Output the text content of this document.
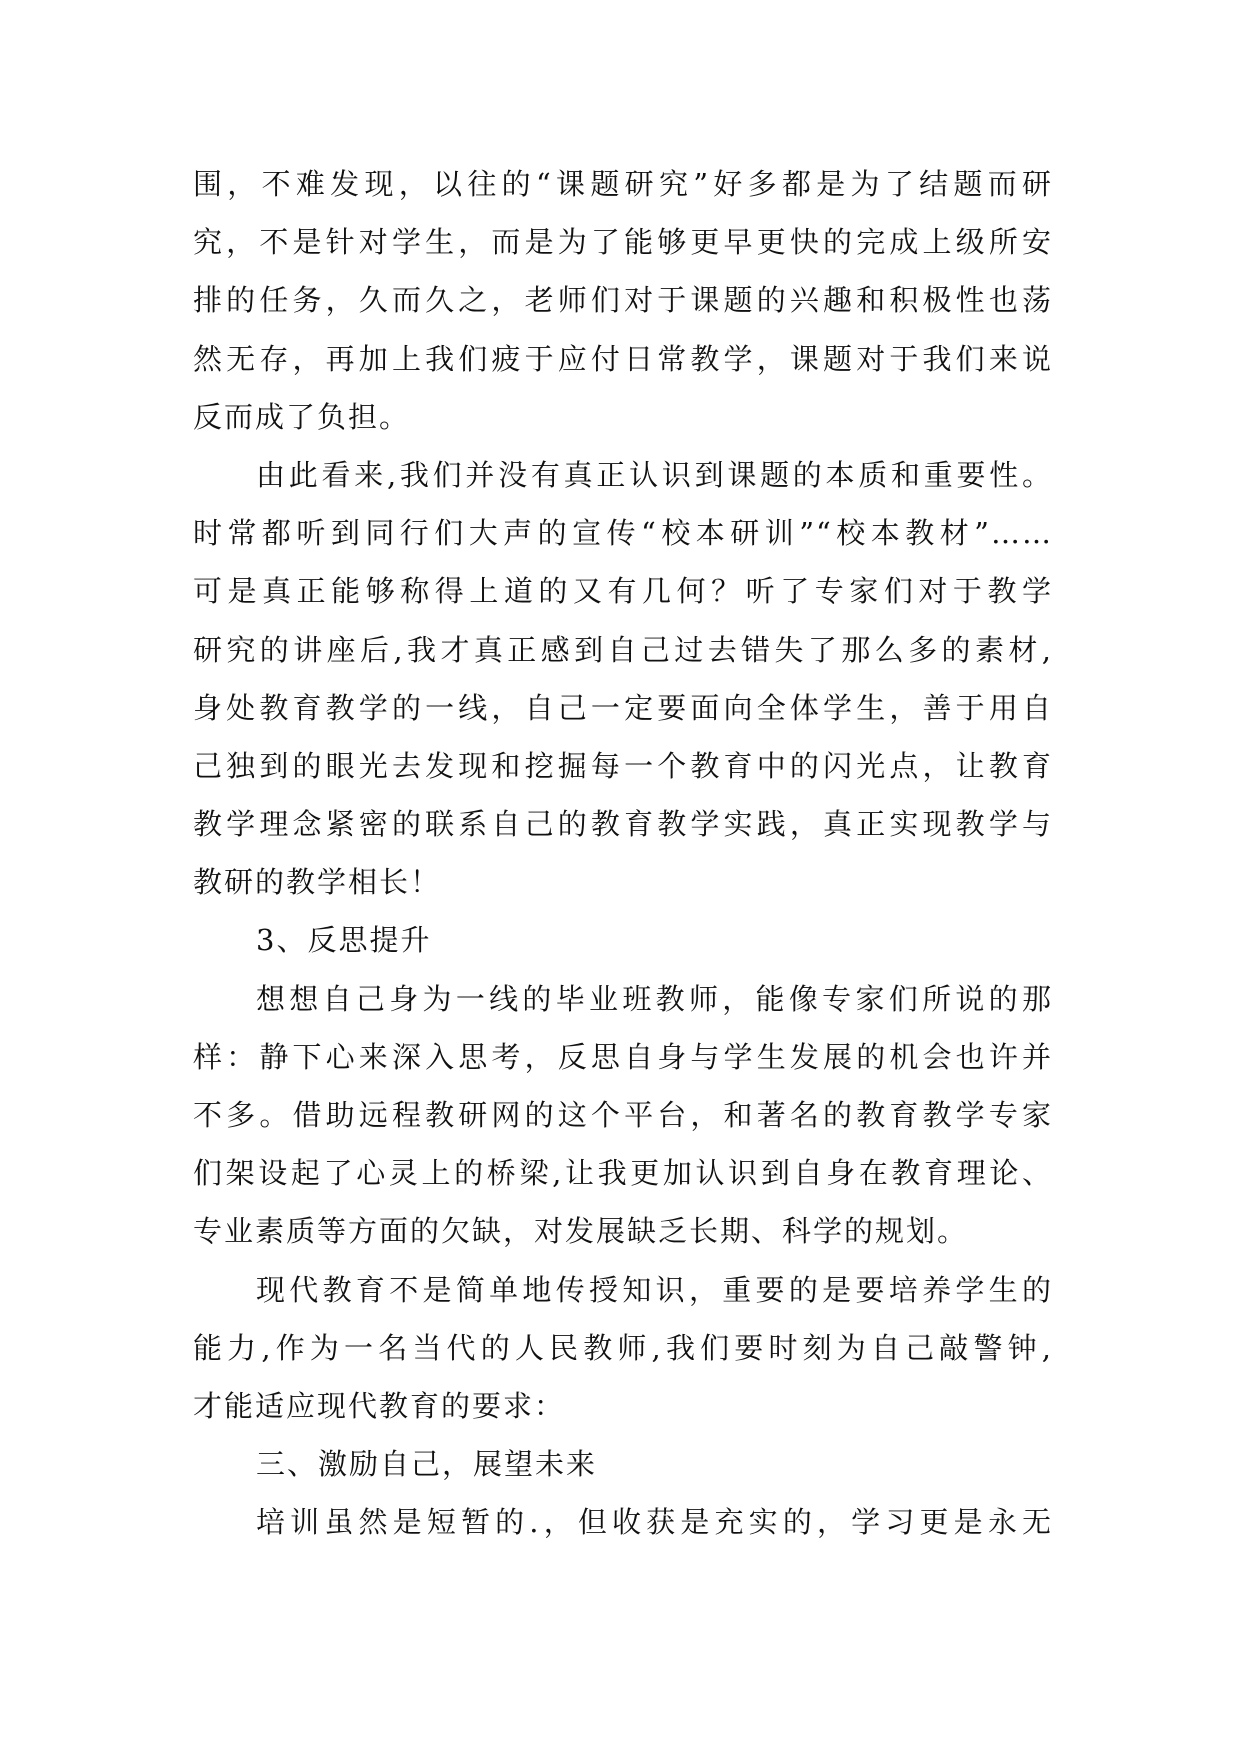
围，不难发现，以往的“课题研究”好多都是为了结题而研
究，不是针对学生，而是为了能够更早更快的完成上级所安
排的任务，久而久之，老师们对于课题的兴趣和积极性也荡
然无存，再加上我们疲于应付日常教学，课题对于我们来说
反而成了负担。
由此看来,我们并没有真正认识到课题的本质和重要性。
时常都听到同行们大声的宣传“校本研训”“校本教材”……
可是真正能够称得上道的又有几何？听了专家们对于教学
研究的讲座后,我才真正感到自己过去错失了那么多的素材,
身处教育教学的一线，自己一定要面向全体学生，善于用自
己独到的眼光去发现和挖掘每一个教育中的闪光点，让教育
教学理念紧密的联系自己的教育教学实践，真正实现教学与
教研的教学相长！
3、反思提升
想想自己身为一线的毕业班教师，能像专家们所说的那
样：静下心来深入思考，反思自身与学生发展的机会也许并
不多。借助远程教研网的这个平台，和著名的教育教学专家
们架设起了心灵上的桥梁,让我更加认识到自身在教育理论、
专业素质等方面的欠缺，对发展缺乏长期、科学的规划。
现代教育不是简单地传授知识，重要的是要培养学生的
能力,作为一名当代的人民教师,我们要时刻为自己敲警钟,
才能适应现代教育的要求：
三、激励自己，展望未来
培训虽然是短暂的.，但收获是充实的，学习更是永无
